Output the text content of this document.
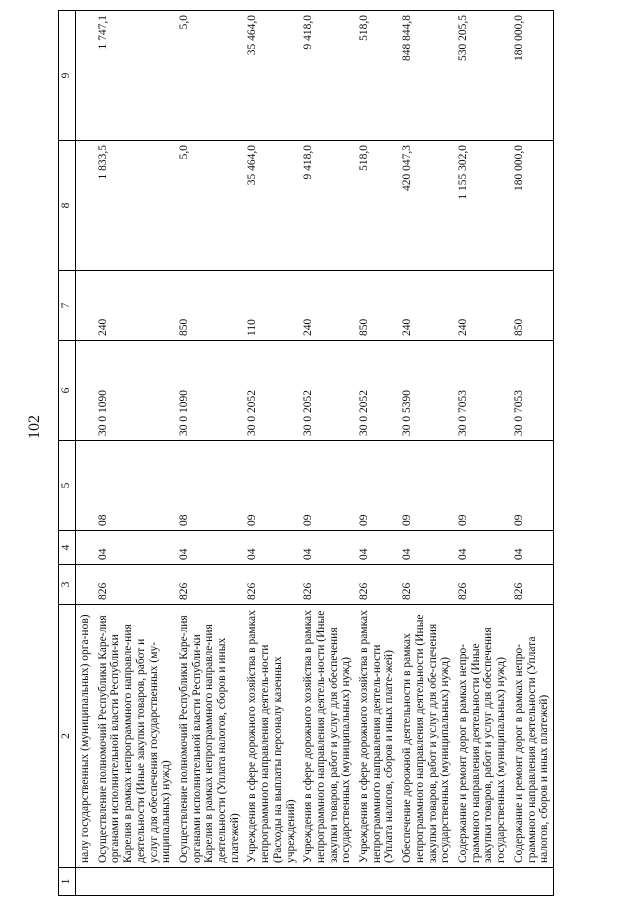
102
1	2	3	4	5	6	7	8	9
	налу государственных (муниципальных) орга-нов)							
	Осуществление полномочий Республики Каре-лия органами исполнительной власти Республи-ки Карелия в рамках непрограммного направле-ния деятельности (Иные закупки товаров, работ и услуг для обеспечения государственных (му-ниципальных) нужд)	826	04	08	30 0 1090	240	1 833,5	1 747,1
	Осуществление полномочий Республики Каре-лия органами исполнительной власти Республи-ки Карелия в рамках непрограммного направле-ния деятельности (Уплата налогов, сборов и иных платежей)	826	04	08	30 0 1090	850	5,0	5,0
	Учреждения в сфере дорожного хозяйства в рамках непрограммного направления деятель-ности (Расходы на выплаты персоналу казенных учреждений)	826	04	09	30 0 2052	110	35 464,0	35 464,0
	Учреждения в сфере дорожного хозяйства в рамках непрограммного направления деятель-ности (Иные закупки товаров, работ и услуг для обеспечения государственных (муниципальных) нужд)	826	04	09	30 0 2052	240	9 418,0	9 418,0
	Учреждения в сфере дорожного хозяйства в рамках непрограммного направления деятель-ности (Уплата налогов, сборов и иных плате-жей)	826	04	09	30 0 2052	850	518,0	518,0
	Обеспечение дорожной деятельности в рамках непрограммного направления деятельности (Иные закупки товаров, работ и услуг для обе-спечения государственных (муниципальных) нужд)	826	04	09	30 0 5390	240	420 047,3	848 844,8
	Содержание и ремонт дорог в рамках непро-граммного направления деятельности (Иные закупки товаров, работ и услуг для обеспечения государственных (муниципальных) нужд)	826	04	09	30 0 7053	240	1 155 302,0	530 205,5
	Содержание и ремонт дорог в рамках непро-граммного направления деятельности (Уплата налогов, сборов и иных платежей)	826	04	09	30 0 7053	850	180 000,0	180 000,0
